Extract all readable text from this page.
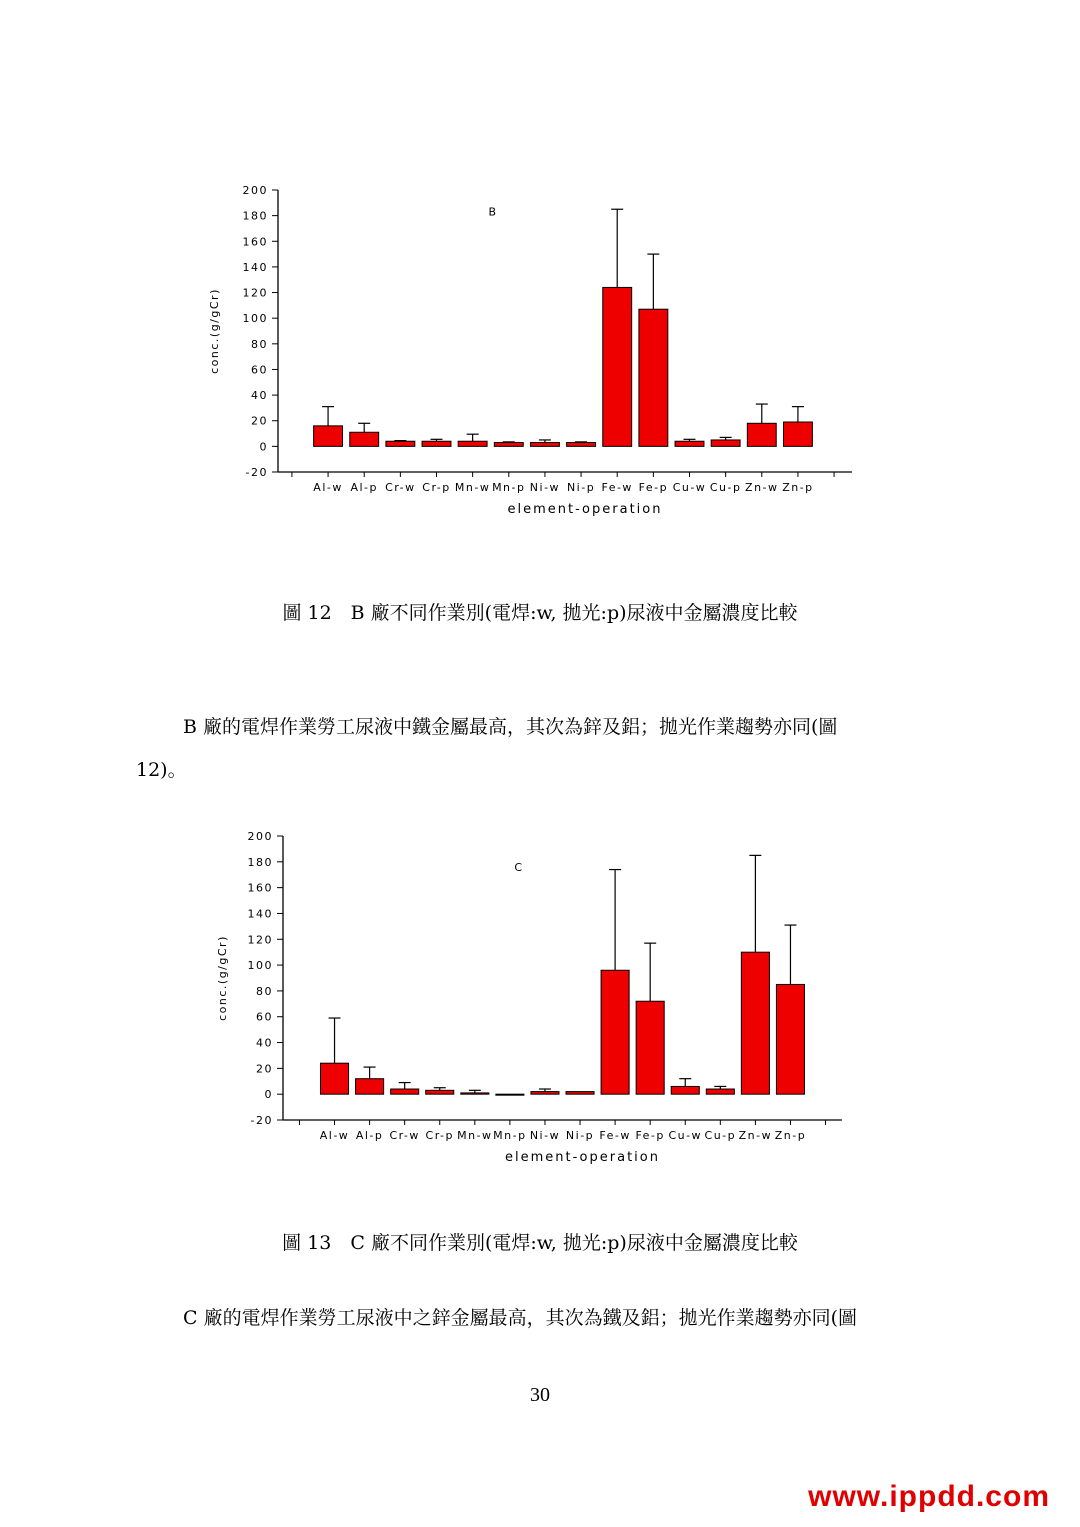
-20
0
20
40
60
80
100
120
140
160
180
200
Al-w Al-p Cr-w Cr-p Mn-w Mn-p Ni-w Ni-p Fe-w Fe-p Cu-w Cu-p Zn-w Zn-p
B
element-operation
conc.(g/gCr)
圖 12　B 廠不同作業別(電焊:w, 拋光:p)尿液中金屬濃度比較
B 廠的電焊作業勞工尿液中鐵金屬最高，其次為鋅及鋁；拋光作業趨勢亦同(圖
12)。
-20
0
20
40
60
80
100
120
140
160
180
200
Al-w Al-p Cr-w Cr-p Mn-w Mn-p Ni-w Ni-p Fe-w Fe-p Cu-w Cu-p Zn-w Zn-p
C
element-operation
conc.(g/gCr)
圖 13　C 廠不同作業別(電焊:w, 拋光:p)尿液中金屬濃度比較
C 廠的電焊作業勞工尿液中之鋅金屬最高，其次為鐵及鋁；拋光作業趨勢亦同(圖
30
www.ippdd.com
